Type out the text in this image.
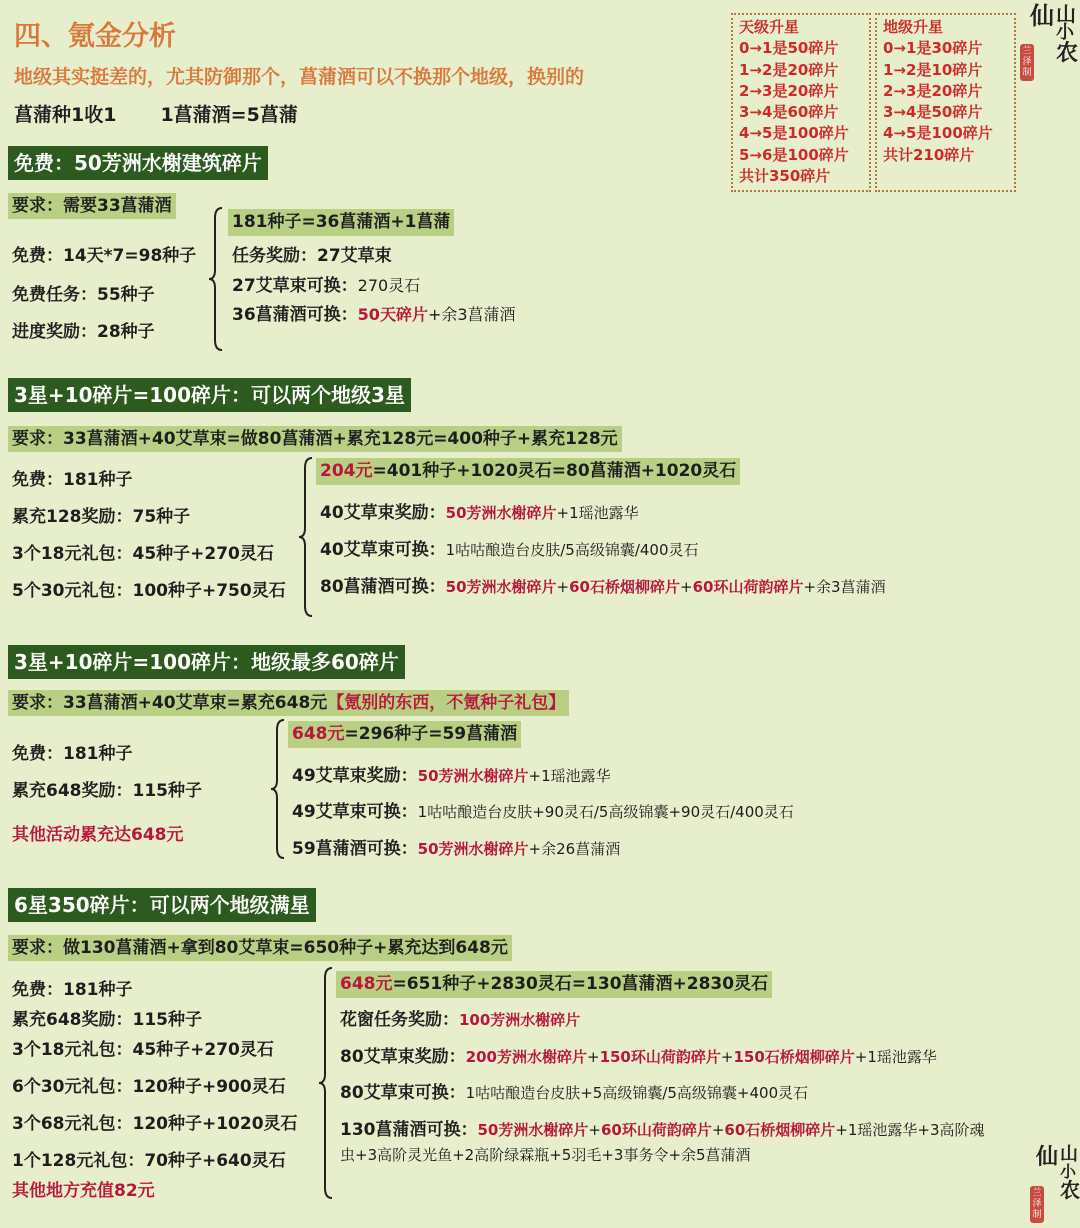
四、氪金分析
地级其实挺差的，尤其防御那个，菖蒲酒可以不换那个地级，换别的
菖蒲种1收1 1菖蒲酒=5菖蒲
天级升星
0→1是50碎片
1→2是20碎片
2→3是20碎片
3→4是60碎片
4→5是100碎片
5→6是100碎片
共计350碎片
地级升星
0→1是30碎片
1→2是10碎片
2→3是20碎片
3→4是50碎片
4→5是100碎片
共计210碎片
仙 山
小
农
兰泽制
仙 山
小
农
兰泽制
免费：50芳洲水榭建筑碎片
要求：需要33菖蒲酒
免费：14天*7=98种子
免费任务：55种子
进度奖励：28种子
181种子=36菖蒲酒+1菖蒲
任务奖励：27艾草束
27艾草束可换：270灵石
36菖蒲酒可换：50天碎片+余3菖蒲酒
3星+10碎片=100碎片：可以两个地级3星
要求：33菖蒲酒+40艾草束=做80菖蒲酒+累充128元=400种子+累充128元
免费：181种子
累充128奖励：75种子
3个18元礼包：45种子+270灵石
5个30元礼包：100种子+750灵石
204元=401种子+1020灵石=80菖蒲酒+1020灵石
40艾草束奖励：50芳洲水榭碎片+1瑶池露华
40艾草束可换：1咕咕酿造台皮肤/5高级锦囊/400灵石
80菖蒲酒可换：50芳洲水榭碎片+60石桥烟柳碎片+60环山荷韵碎片+余3菖蒲酒
3星+10碎片=100碎片：地级最多60碎片
要求：33菖蒲酒+40艾草束=累充648元【氪别的东西，不氪种子礼包】
免费：181种子
累充648奖励：115种子
其他活动累充达648元
648元=296种子=59菖蒲酒
49艾草束奖励：50芳洲水榭碎片+1瑶池露华
49艾草束可换：1咕咕酿造台皮肤+90灵石/5高级锦囊+90灵石/400灵石
59菖蒲酒可换：50芳洲水榭碎片+余26菖蒲酒
6星350碎片：可以两个地级满星
要求：做130菖蒲酒+拿到80艾草束=650种子+累充达到648元
免费：181种子
累充648奖励：115种子
3个18元礼包：45种子+270灵石
6个30元礼包：120种子+900灵石
3个68元礼包：120种子+1020灵石
1个128元礼包：70种子+640灵石
其他地方充值82元
648元=651种子+2830灵石=130菖蒲酒+2830灵石
花窗任务奖励：100芳洲水榭碎片
80艾草束奖励：200芳洲水榭碎片+150环山荷韵碎片+150石桥烟柳碎片+1瑶池露华
80艾草束可换：1咕咕酿造台皮肤+5高级锦囊/5高级锦囊+400灵石
130菖蒲酒可换：50芳洲水榭碎片+60环山荷韵碎片+60石桥烟柳碎片+1瑶池露华+3高阶魂
虫+3高阶灵光鱼+2高阶绿霖瓶+5羽毛+3事务令+余5菖蒲酒
